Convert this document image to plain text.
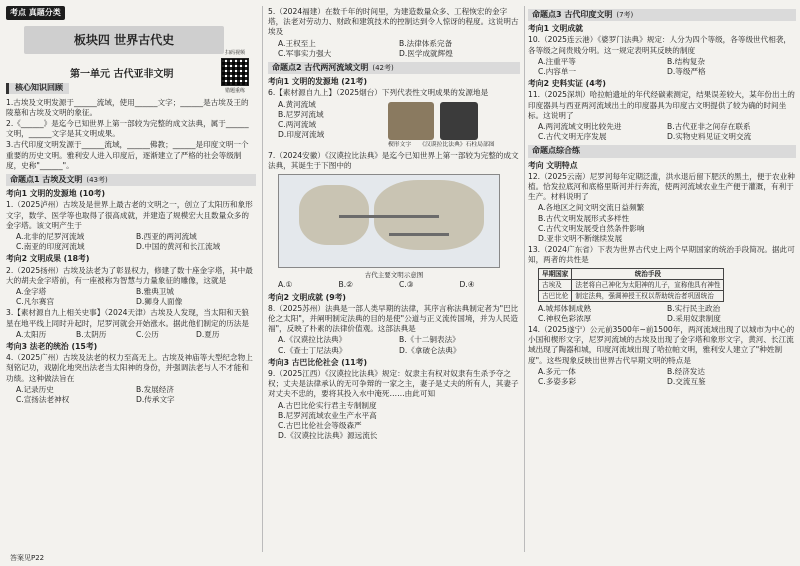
考点 真题分类
板块四 世界古代史
扫码视频
错题重练
第一单元 古代亚非文明
核心知识回顾
1.古埃及文明发源于______流域，使用______文字；______是古埃及王的陵墓和古埃及文明的象征。
2.《______》是迄今已知世界上第一部较为完整的成文法典，属于______文明，______文字是其文明成果。
3.古代印度文明发源于______流域，______佛教；______是印度文明一个重要的历史文明。雅利安人进入印度后，逐渐建立了严格的社会等级制度，史称"______"。
命题点1 古埃及文明 (43考)
考向1 文明的发源地 (10考)
1.（2025泸州）古埃及是世界上最古老的文明之一，创立了太阳历和象形文字，数学、医学等也取得了很高成就，并建造了规模宏大且数量众多的金字塔。该文明产生于
A.北非的尼罗河流域	B.西亚的两河流域
C.南亚的印度河流域	D.中国的黄河和长江流域
考向2 文明成果 (18考)
2.（2025扬州）古埃及法老为了彰显权力，修建了数十座金字塔，其中最大的胡夫金字塔前，有一座被称为智慧与力量象征的雕像，这就是
A.金字塔	B.雅典卫城
C.凡尔赛宫	D.狮身人面像
3.【素材源自九上相关史事】（2024天津）古埃及人发现，当太阳和天狼星在地平线上同时升起时，尼罗河就会开始涨水。据此他们制定的历法是
A.太阳历	B.太阴历	C.公历	D.夏历
考向3 法老的统治 (15考)
4.（2025广州）古埃及法老的权力至高无上。古埃及神庙等大型纪念物上刻铭记功，戏剧化地突出法老当太阳神的身份，并强调法老与人不才能和功绩。这种做法旨在
A.记录历史	B.发展经济
C.宣扬法老神权	D.传承文字
答案见P22
5.（2024福建）在数千年的时间里，为建造数量众多、工程恢宏的金字塔，法老对劳动力、财政和建筑技术的控制达到令人惊讶的程度。这说明古埃及
A.王权至上	B.法律体系完备
C.军事实力强大	D.医学成就辉煌
命题点2 古代两河流域文明 (42考)
考向1 文明的发源地 (21考)
6.【素材源自九上】（2025烟台）下列代表性文明成果的发源地是
A.黄河流域
B.尼罗河流域
C.两河流域
D.印度河流域
楔形文字 《汉谟拉比法典》石柱局部图
7.（2024安徽）《汉谟拉比法典》是迄今已知世界上第一部较为完整的成文法典，其诞生于下图中的
古代主要文明示意图
A.①	B.②	C.③	D.④
考向2 文明成就 (9考)
8.（2025苏州）法典是一部人类早期的法律，其序言称法典制定者为"巴比伦之太阳"，并阐明制定法典的目的是使"公道与正义流传国境，并为人民造福"，反映了朴素的法律价值观。这部法典是
A.《汉谟拉比法典》	B.《十二铜表法》
C.《查士丁尼法典》	D.《拿破仑法典》
考向3 古巴比伦社会 (11考)
9.（2025江西）《汉谟拉比法典》规定：奴隶主有权对奴隶有生杀予夺之权；丈夫是法律承认的无可争辩的一家之主，妻子是丈夫的所有人，其妻子对丈夫不忠的，要将其投入水中淹死……由此可知
A.古巴比伦实行君主专制制度
B.尼罗河流域农业生产水平高
C.古巴比伦社会等级森严
D.《汉谟拉比法典》源远流长
命题点3 古代印度文明 (7考)
考向1 文明成就
10.（2025连云港）《婆罗门法典》规定：人分为四个等级，各等级世代相袭，各等级之间贵贱分明。这一规定表明其反映的制度
A.注重平等	B.结构复杂
C.内容单一	D.等级严格
考向2 史料实证 (4考)
11.（2025深圳）哈拉帕遗址的年代经碳素测定，结果误差较大，某年份出土的印度器具与西亚两河流域出土的印度器具为印度古文明提供了较为确的时间坐标。这说明了
A.两河流域文明比较先进	B.古代亚非之间存在联系
C.古代文明无序发展	D.实物史料见证文明交流
命题点综合练
考向 文明特点
12.（2025云南）尼罗河每年定期泛滥，洪水退后留下肥沃的黑土，便于农业种植。恰发拉底河和底格里斯河并行奔流，使两河流域农业生产便于灌溉，有利于生产。材料说明了
A.各地区之间文明交流日益频繁
B.古代文明发展形式多样性
C.古代文明发展受自然条件影响
D.亚非文明不断继续发展
13.（2024广东省）下表为世界古代史上两个早期国家的统治手段简况。据此可知，两者的共性是
早期国家	统治手段
古埃及	法老将自己神化为太阳神的儿子，宣称他具有神性
古巴比伦	制定法典，强调神授王权以帮助统治者巩固统治
A.城邦体制成熟	B.实行民主政治
C.神权色彩浓厚	D.采用奴隶制度
14.（2025遂宁）公元前3500年~前1500年，两河流域出现了以城市为中心的小国和楔形文字，尼罗河流域的古埃及出现了金字塔和象形文字，黄河、长江流域出现了陶器和城，印度河流域出现了哈拉帕文明，雅利安人建立了"种姓制度"。这些现象反映出世界古代早期文明的特点是
A.多元一体	B.经济发达
C.多姿多彩	D.交流互鉴
